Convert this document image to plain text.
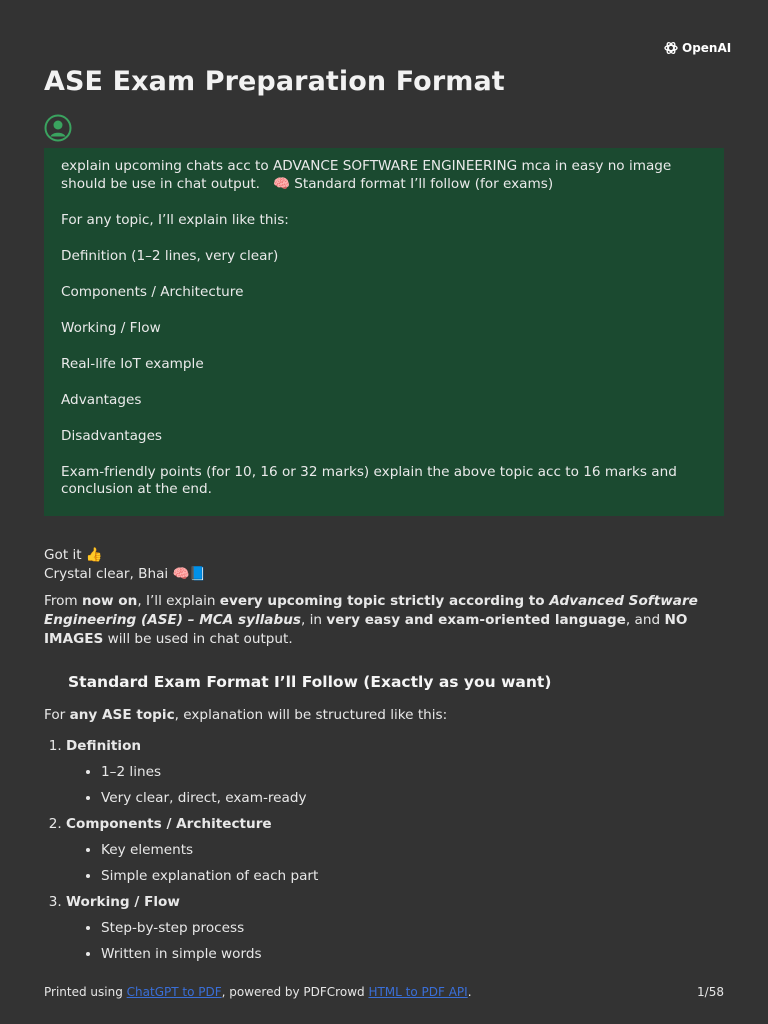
OpenAI
ASE Exam Preparation Format

explain upcoming chats acc to ADVANCE SOFTWARE ENGINEERING mca in easy no image should be use in chat output. 🧠 Standard format I’ll follow (for exams)

For any topic, I’ll explain like this:

Definition (1–2 lines, very clear)

Components / Architecture

Working / Flow

Real-life IoT example

Advantages

Disadvantages

Exam-friendly points (for 10, 16 or 32 marks) explain the above topic acc to 16 marks and conclusion at the end.

Got it 👍

Crystal clear, Bhai 🧠📘

From now on, I’ll explain every upcoming topic strictly according to Advanced Software Engineering (ASE) – MCA syllabus, in very easy and exam-oriented language, and NO IMAGES will be used in chat output.

Standard Exam Format I’ll Follow (Exactly as you want)

For any ASE topic, explanation will be structured like this:

1. Definition
• 1–2 lines
• Very clear, direct, exam-ready
2. Components / Architecture
• Key elements
• Simple explanation of each part
3. Working / Flow
• Step-by-step process
• Written in simple words
Printed using ChatGPT to PDF, powered by PDFCrowd HTML to PDF API.	1/58
